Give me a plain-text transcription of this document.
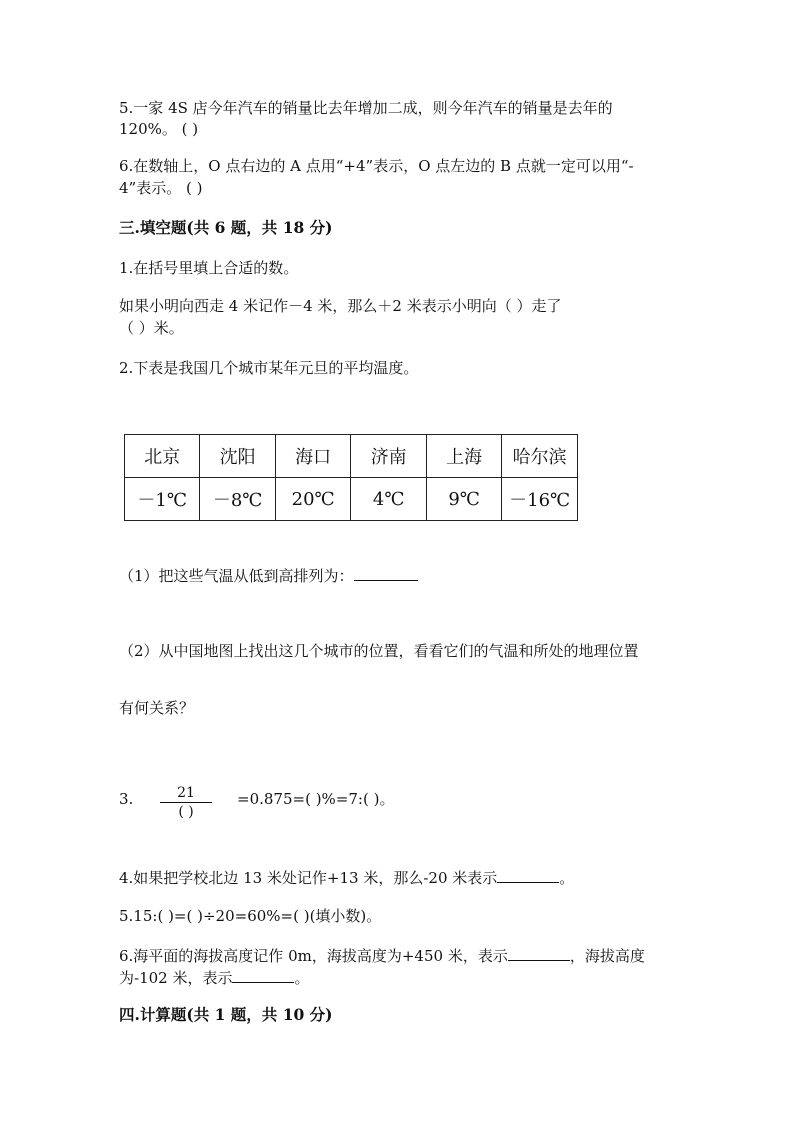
5.一家 4S 店今年汽车的销量比去年增加二成，则今年汽车的销量是去年的
120%。 ( )
6.在数轴上，O 点右边的 A 点用“+4”表示，O 点左边的 B 点就一定可以用“-
4”表示。 ( )
三.填空题(共 6 题，共 18 分)
1.在括号里填上合适的数。
如果小明向西走 4 米记作－4 米，那么＋2 米表示小明向（ ）走了
（ ）米。
2.下表是我国几个城市某年元旦的平均温度。
北京	沈阳	海口	济南	上海	哈尔滨
－1℃	－8℃	20℃	4℃	9℃	－16℃
（1）把这些气温从低到高排列为：
（2）从中国地图上找出这几个城市的位置，看看它们的气温和所处的地理位置
有何关系？
3.	21
( )
=0.875=( )%=7:( )。
4.如果把学校北边 13 米处记作+13 米，那么-20 米表示	。
5.15:( )=( )÷20=60%=( )(填小数)。
6.海平面的海拔高度记作 0m，海拔高度为+450 米，表示	，海拔高度
为-102 米，表示	。
四.计算题(共 1 题，共 10 分)
